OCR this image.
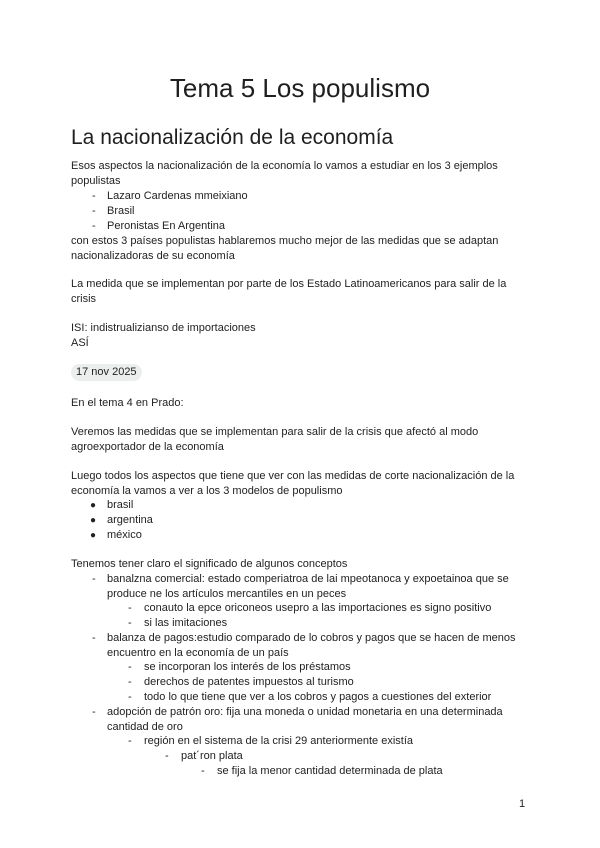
Tema 5 Los populismo
La nacionalización de la economía
Esos aspectos la nacionalización de la economía lo vamos a estudiar en los 3 ejemplos
populistas
- Lazaro Cardenas mmeixiano
- Brasil
- Peronistas En Argentina
con estos 3 países populistas hablaremos mucho mejor de las medidas que se adaptan
nacionalizadoras de su economía
La medida que se implementan por parte de los Estado Latinoamericanos para salir de la
crisis
ISI: indistrualizianso de importaciones
ASÍ
17 nov 2025
En el tema 4 en Prado:
Veremos las medidas que se implementan para salir de la crisis que afectó al modo
agroexportador de la economía
Luego todos los aspectos que tiene que ver con las medidas de corte nacionalización de la
economía la vamos a ver a los 3 modelos de populismo
● brasil
● argentina
● méxico
Tenemos tener claro el significado de algunos conceptos
- banalzna comercial: estado comperiatroa de lai mpeotanoca y expoetainoa que se
produce ne los artículos mercantiles en un peces
- conauto la epce oriconeos usepro a las importaciones es signo positivo
- si las imitaciones
- balanza de pagos:estudio comparado de lo cobros y pagos que se hacen de menos
encuentro en la economía de un país
- se incorporan los interés de los préstamos
- derechos de patentes impuestos al turismo
- todo lo que tiene que ver a los cobros y pagos a cuestiones del exterior
- adopción de patrón oro: fija una moneda o unidad monetaria en una determinada
cantidad de oro
- región en el sistema de la crisi 29 anteriormente existía
- pat´ron plata
- se fija la menor cantidad determinada de plata
1
